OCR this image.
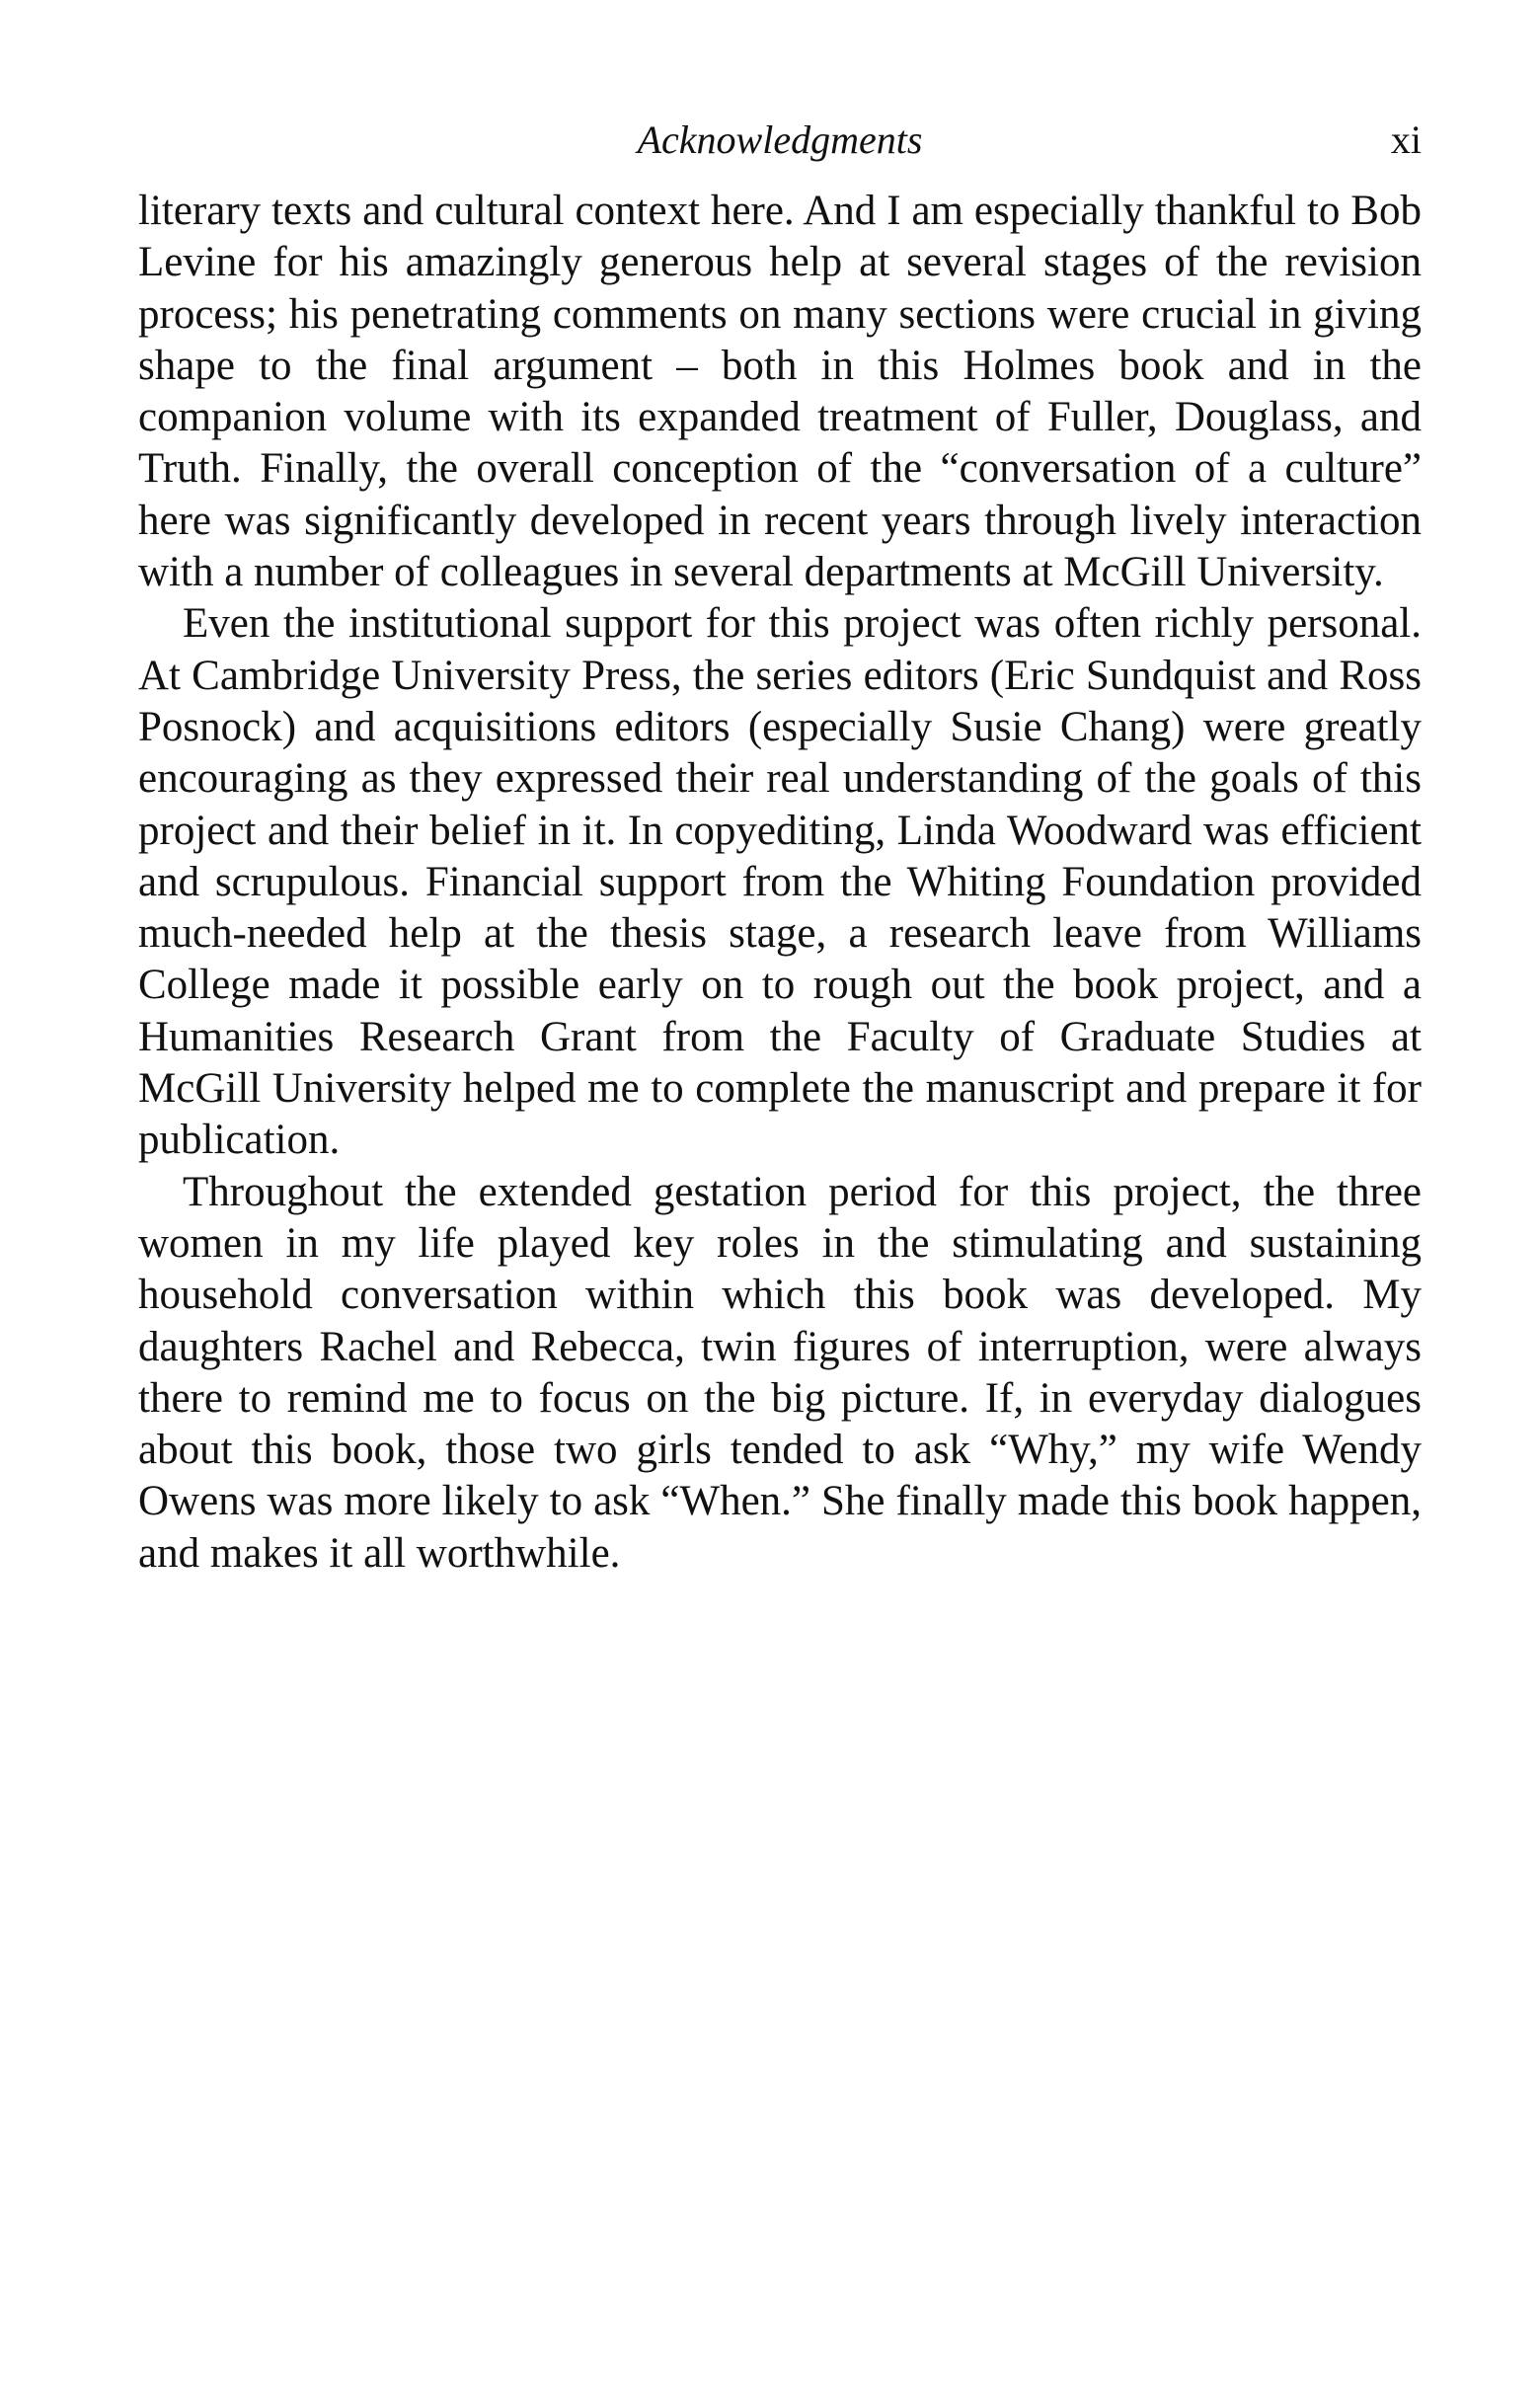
Acknowledgments	xi

literary texts and cultural context here. And I am especially thankful to Bob Levine for his amazingly generous help at several stages of the revision process; his penetrating comments on many sections were crucial in giving shape to the final argument – both in this Holmes book and in the companion volume with its expanded treatment of Fuller, Douglass, and Truth. Finally, the overall conception of the “conversation of a culture” here was significantly developed in recent years through lively interaction with a number of colleagues in several departments at McGill University.

Even the institutional support for this project was often richly personal. At Cambridge University Press, the series editors (Eric Sundquist and Ross Posnock) and acquisitions editors (especially Susie Chang) were greatly encouraging as they expressed their real understanding of the goals of this project and their belief in it. In copyediting, Linda Woodward was efficient and scrupulous. Financial support from the Whiting Foundation provided much-needed help at the thesis stage, a research leave from Williams College made it possible early on to rough out the book project, and a Humanities Research Grant from the Faculty of Graduate Studies at McGill University helped me to complete the manuscript and prepare it for publication.

Throughout the extended gestation period for this project, the three women in my life played key roles in the stimulating and sustaining household conversation within which this book was developed. My daughters Rachel and Rebecca, twin figures of interruption, were always there to remind me to focus on the big picture. If, in everyday dialogues about this book, those two girls tended to ask “Why,” my wife Wendy Owens was more likely to ask “When.” She finally made this book happen, and makes it all worthwhile.
